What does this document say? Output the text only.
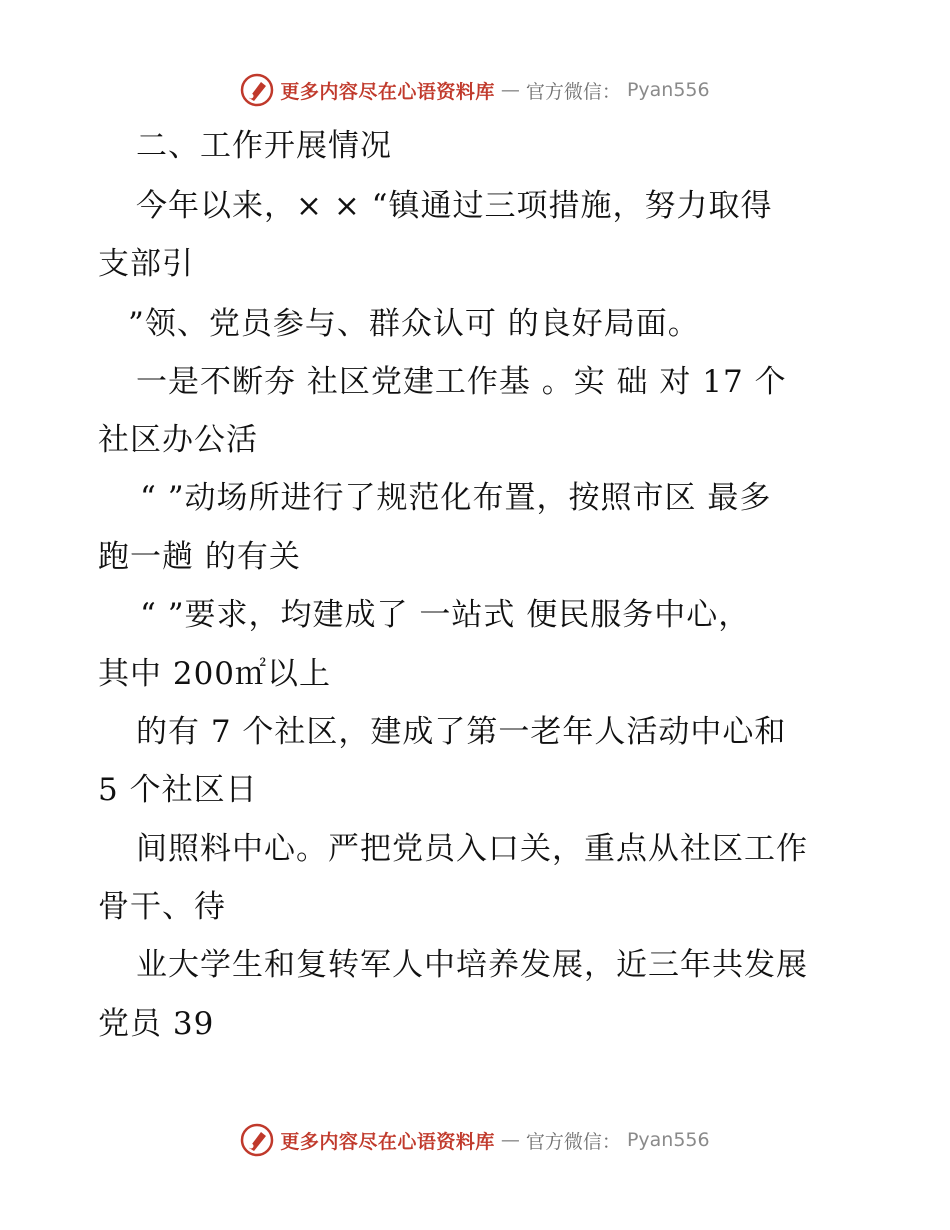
更多内容尽在心语资料库 — 官方微信： Pyan556
二、工作开展情况
今年以来，× × “镇通过三项措施，努力取得
支部引
”领、党员参与、群众认可 的良好局面。
一是不断夯 社区党建工作基 。实 础 对 17 个
社区办公活
“ ”动场所进行了规范化布置，按照市区 最多
跑一趟 的有关
“ ”要求，均建成了 一站式 便民服务中心，
其中 200㎡以上
的有 7 个社区，建成了第一老年人活动中心和
5 个社区日
间照料中心。严把党员入口关，重点从社区工作
骨干、待
业大学生和复转军人中培养发展，近三年共发展
党员 39
更多内容尽在心语资料库 — 官方微信： Pyan556
